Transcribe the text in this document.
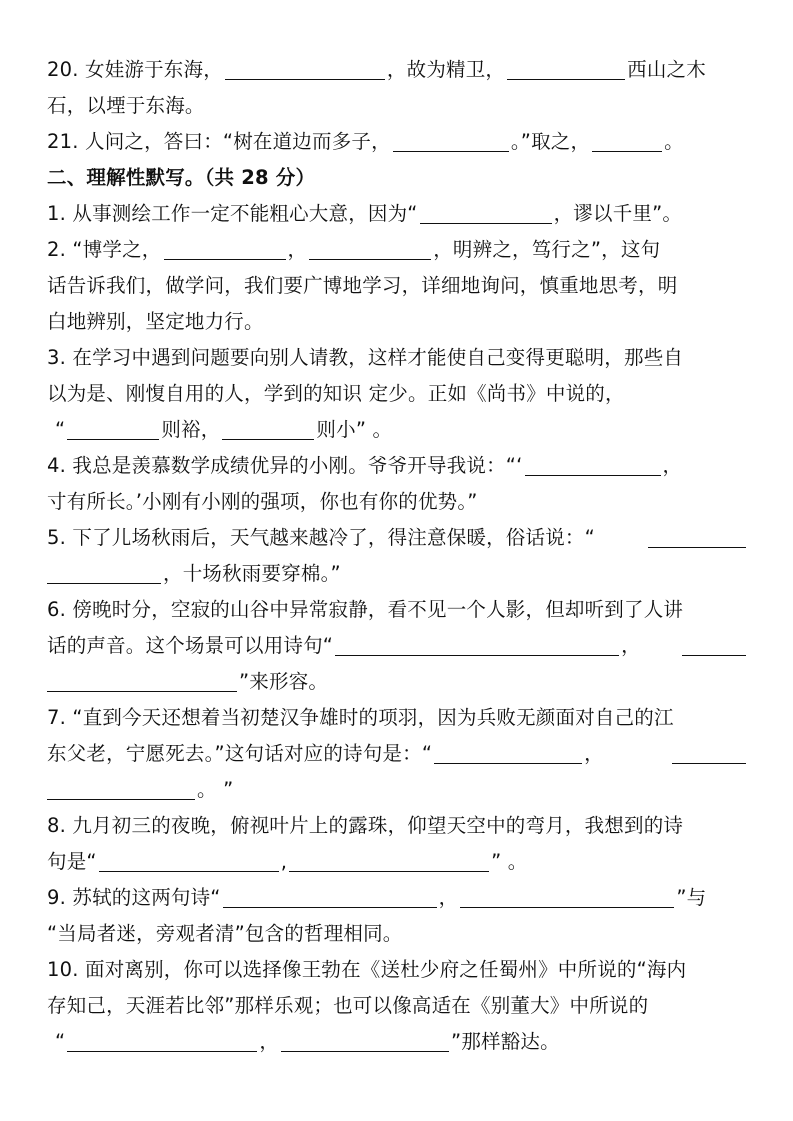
20. 女娃游于东海，	，故为精卫，	西山之木
石，以堙于东海。
21. 人问之，答曰：“树在道边而多子，	。”取之，	。
二、理解性默写。（共 28 分）
1. 从事测绘工作一定不能粗心大意，因为“	，谬以千里”。
2. “博学之，	，	，明辨之，笃行之”，这句
话告诉我们，做学问，我们要广博地学习，详细地询问，慎重地思考，明
白地辨别，坚定地力行。
3. 在学习中遇到问题要向别人请教，这样才能使自己变得更聪明，那些自
以为是、刚愎自用的人，学到的知识 定少。正如《尚书》中说的，
“	则裕，	则小” 。
4. 我总是羡慕数学成绩优异的小刚。爷爷开导我说：“‘	，
寸有所长。’小刚有小刚的强项，你也有你的优势。”
5. 下了儿场秋雨后，天气越来越冷了，得注意保暖，俗话说：“
，十场秋雨要穿棉。”
6. 傍晚时分，空寂的山谷中异常寂静，看不见一个人影，但却听到了人讲
话的声音。这个场景可以用诗句“	，
”来形容。
7. “直到今天还想着当初楚汉争雄时的项羽，因为兵败无颜面对自己的江
东父老，宁愿死去。”这句话对应的诗句是：“	，
。 ”
8. 九月初三的夜晚，俯视叶片上的露珠，仰望天空中的弯月，我想到的诗
句是“	,	” 。
9. 苏轼的这两句诗“	，	”与
“当局者迷，旁观者清”包含的哲理相同。
10. 面对离别，你可以选择像王勃在《送杜少府之任蜀州》中所说的“海内
存知己，天涯若比邻”那样乐观；也可以像高适在《别董大》中所说的
“	，	”那样豁达。
